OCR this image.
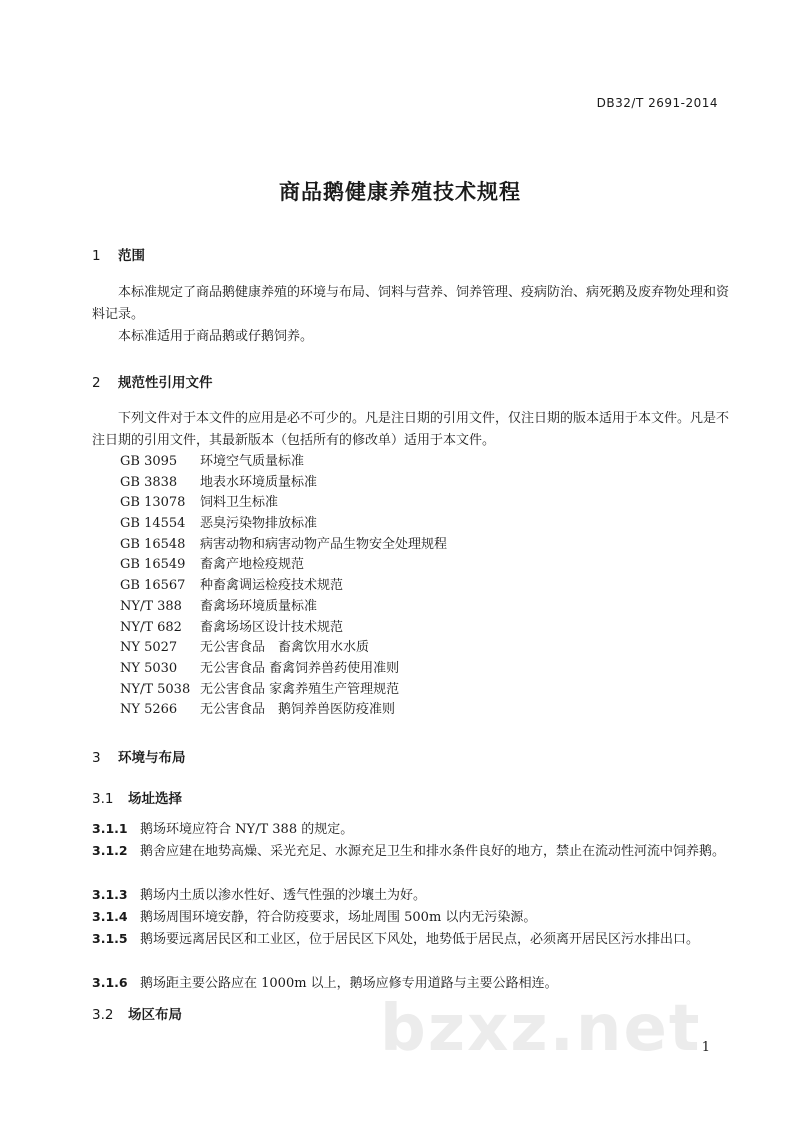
DB32/T 2691-2014
商品鹅健康养殖技术规程
1 范围
本标准规定了商品鹅健康养殖的环境与布局、饲料与营养、饲养管理、疫病防治、病死鹅及废弃物处理和资料记录。
本标准适用于商品鹅或仔鹅饲养。
2 规范性引用文件
下列文件对于本文件的应用是必不可少的。凡是注日期的引用文件，仅注日期的版本适用于本文件。凡是不注日期的引用文件，其最新版本（包括所有的修改单）适用于本文件。
GB 3095 环境空气质量标准
GB 3838 地表水环境质量标准
GB 13078 饲料卫生标准
GB 14554 恶臭污染物排放标准
GB 16548 病害动物和病害动物产品生物安全处理规程
GB 16549 畜禽产地检疫规范
GB 16567 种畜禽调运检疫技术规范
NY/T 388 畜禽场环境质量标准
NY/T 682 畜禽场场区设计技术规范
NY 5027 无公害食品　畜禽饮用水水质
NY 5030 无公害食品 畜禽饲养兽药使用准则
NY/T 5038 无公害食品 家禽养殖生产管理规范
NY 5266 无公害食品　鹅饲养兽医防疫准则
3 环境与布局
3.1 场址选择
3.1.1 鹅场环境应符合 NY/T 388 的规定。
3.1.2 鹅舍应建在地势高燥、采光充足、水源充足卫生和排水条件良好的地方，禁止在流动性河流中饲养鹅。
3.1.3 鹅场内土质以渗水性好、透气性强的沙壤土为好。
3.1.4 鹅场周围环境安静，符合防疫要求，场址周围 500m 以内无污染源。
3.1.5 鹅场要远离居民区和工业区，位于居民区下风处，地势低于居民点，必须离开居民区污水排出口。
3.1.6 鹅场距主要公路应在 1000m 以上，鹅场应修专用道路与主要公路相连。
3.2 场区布局	bzxz.net 1
